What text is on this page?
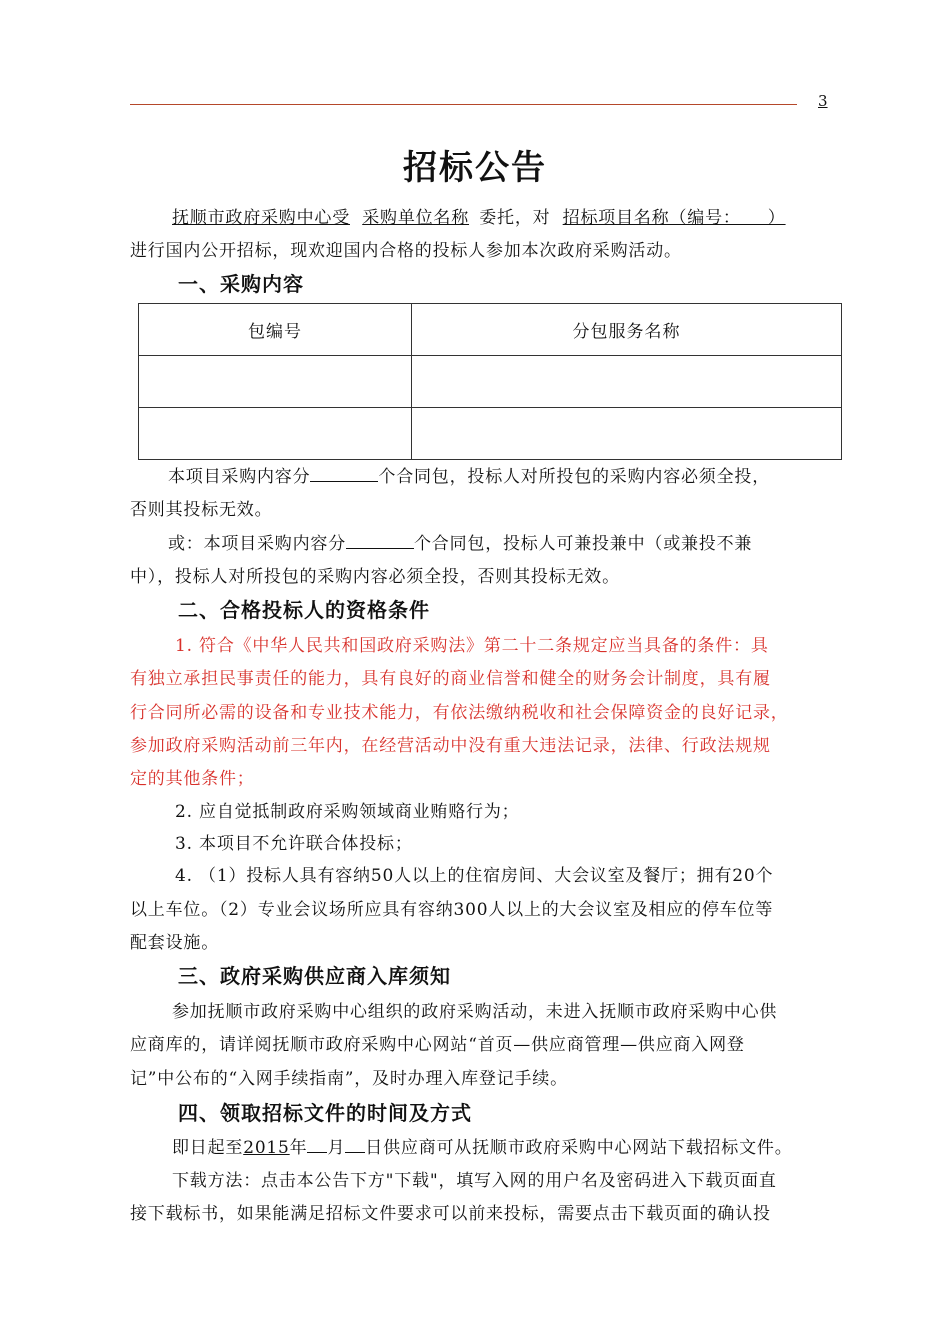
3
招标公告
抚顺市政府采购中心受 采购单位名称 委托，对 招标项目名称（编号：　　）
进行国内公开招标，现欢迎国内合格的投标人参加本次政府采购活动。
一、采购内容
包编号	分包服务名称

本项目采购内容分	个合同包，投标人对所投包的采购内容必须全投，
否则其投标无效。
或：本项目采购内容分	个合同包，投标人可兼投兼中（或兼投不兼
中），投标人对所投包的采购内容必须全投，否则其投标无效。
二、合格投标人的资格条件
1. 符合《中华人民共和国政府采购法》第二十二条规定应当具备的条件：具
有独立承担民事责任的能力，具有良好的商业信誉和健全的财务会计制度，具有履
行合同所必需的设备和专业技术能力，有依法缴纳税收和社会保障资金的良好记录，
参加政府采购活动前三年内，在经营活动中没有重大违法记录，法律、行政法规规
定的其他条件；
2. 应自觉抵制政府采购领域商业贿赂行为；
3. 本项目不允许联合体投标；
4. （1）投标人具有容纳50人以上的住宿房间、大会议室及餐厅；拥有20个
以上车位。（2）专业会议场所应具有容纳300人以上的大会议室及相应的停车位等
配套设施。
三、政府采购供应商入库须知
参加抚顺市政府采购中心组织的政府采购活动，未进入抚顺市政府采购中心供
应商库的，请详阅抚顺市政府采购中心网站“首页—供应商管理—供应商入网登
记”中公布的“入网手续指南”，及时办理入库登记手续。
四、领取招标文件的时间及方式
即日起至2015年 月 日供应商可从抚顺市政府采购中心网站下载招标文件。
下载方法：点击本公告下方"下载"，填写入网的用户名及密码进入下载页面直
接下载标书，如果能满足招标文件要求可以前来投标，需要点击下载页面的确认投
